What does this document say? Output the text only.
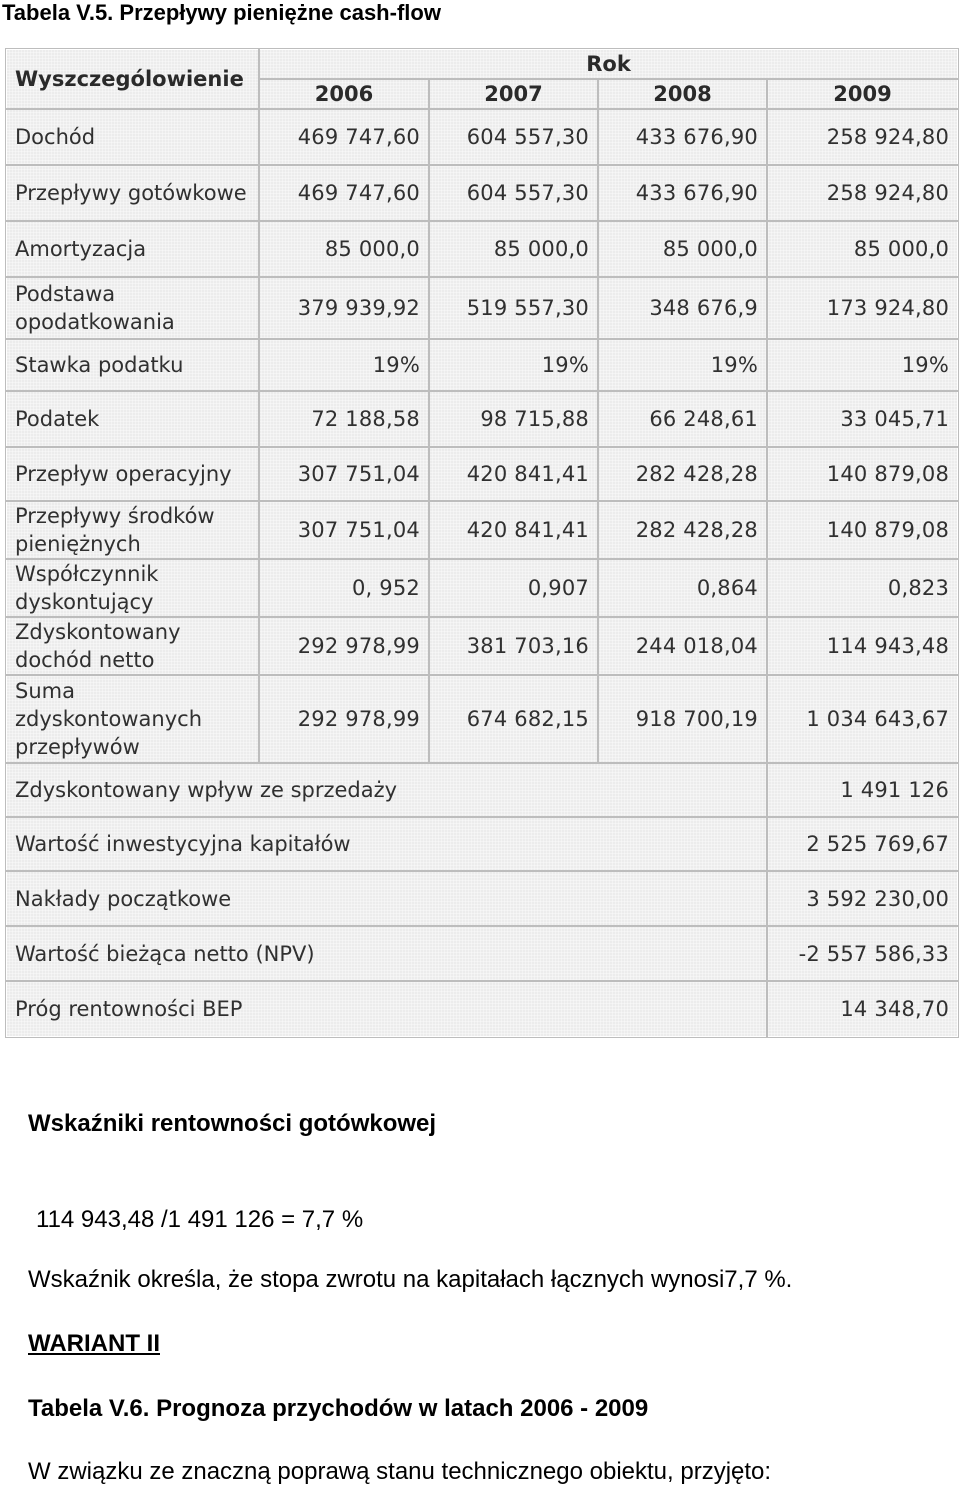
Tabela V.5. Przepływy pieniężne cash-flow
Wyszczególowienie	Rok			
	2006	2007	2008	2009
Dochód	469 747,60	604 557,30	433 676,90	258 924,80
Przepływy gotówkowe	469 747,60	604 557,30	433 676,90	258 924,80
Amortyzacja	85 000,0	85 000,0	85 000,0	85 000,0
Podstawa opodatkowania	379 939,92	519 557,30	348 676,9	173 924,80
Stawka podatku	19%	19%	19%	19%
Podatek	72 188,58	98 715,88	66 248,61	33 045,71
Przepływ operacyjny	307 751,04	420 841,41	282 428,28	140 879,08
Przepływy środków pieniężnych	307 751,04	420 841,41	282 428,28	140 879,08
Współczynnik dyskontujący	0, 952	0,907	0,864	0,823
Zdyskontowany dochód netto	292 978,99	381 703,16	244 018,04	114 943,48
Suma zdyskontowanych przepływów	292 978,99	674 682,15	918 700,19	1 034 643,67
Zdyskontowany wpływ ze sprzedaży				1 491 126
Wartość inwestycyjna kapitałów				2 525 769,67
Nakłady początkowe				3 592 230,00
Wartość bieżąca netto (NPV)				-2 557 586,33
Próg rentowności BEP				14 348,70
Wskaźniki rentowności gotówkowej
114 943,48 /1 491 126 = 7,7 %
Wskaźnik określa, że stopa zwrotu na kapitałach łącznych wynosi7,7 %.
WARIANT II
Tabela V.6. Prognoza przychodów w latach 2006 - 2009
W związku ze znaczną poprawą stanu technicznego obiektu, przyjęto:
